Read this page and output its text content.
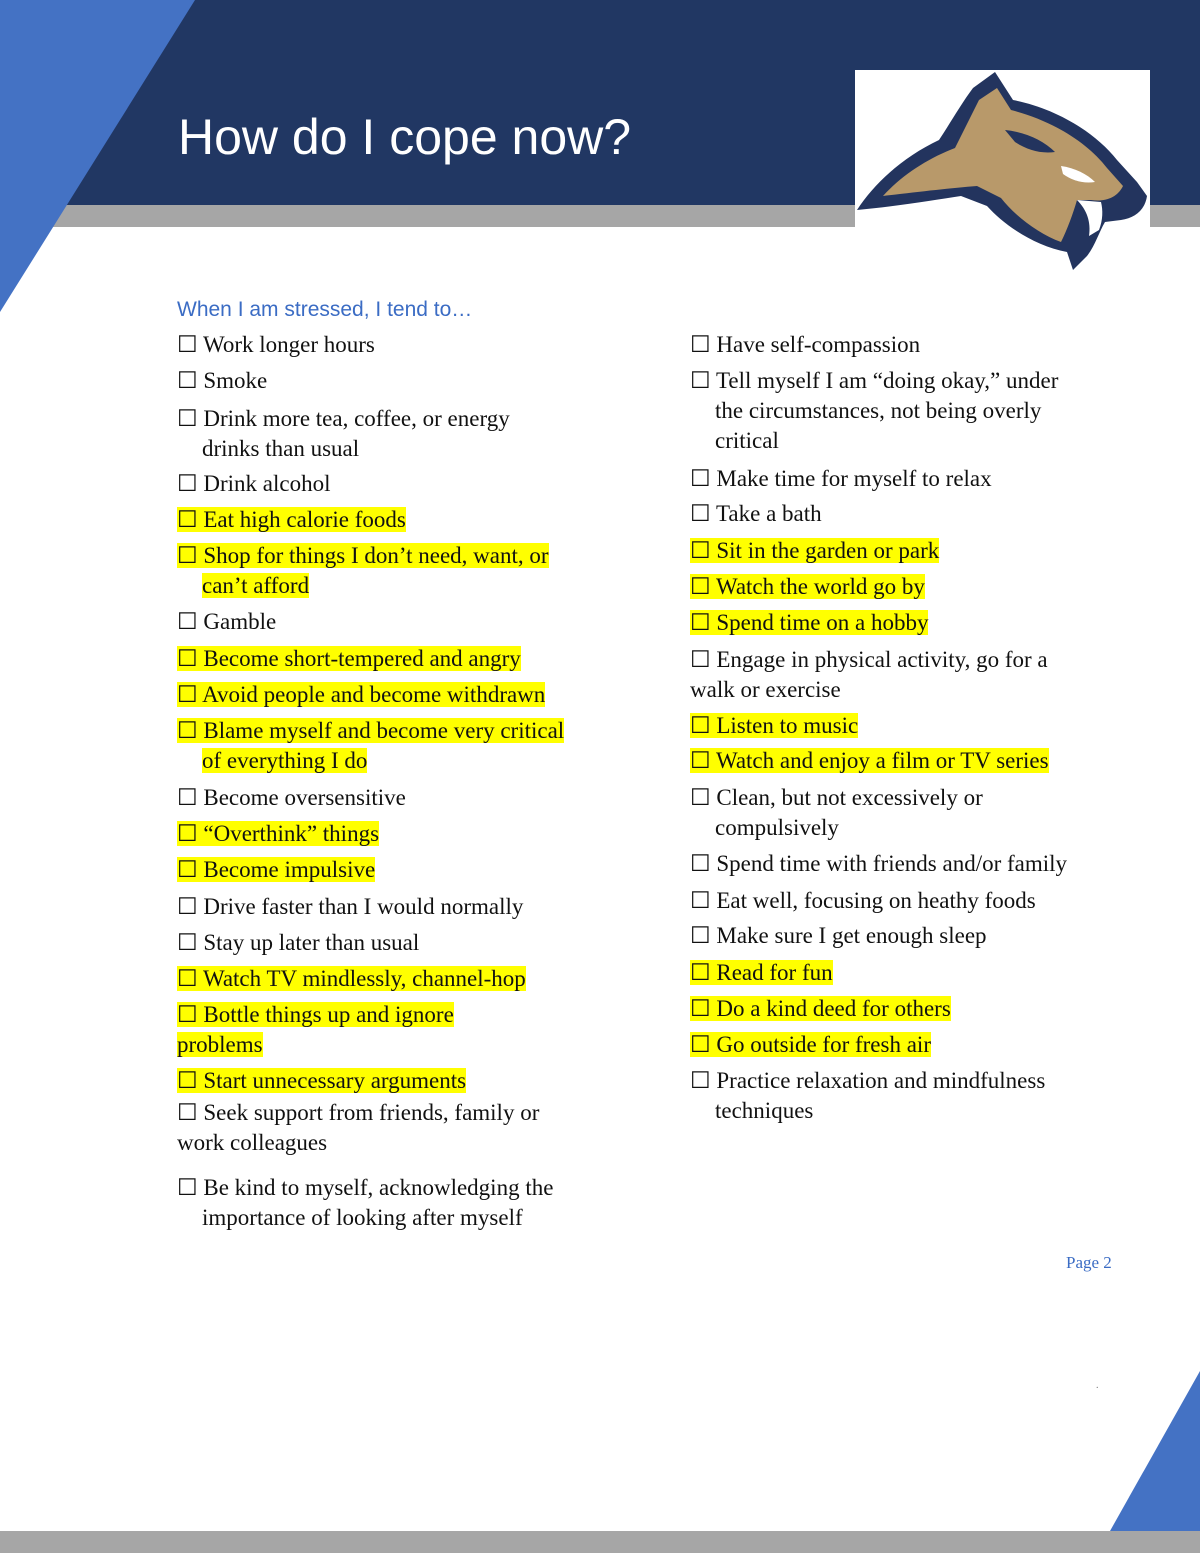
How do I cope now?
When I am stressed, I tend to…
☐ Work longer hours
☐ Smoke
☐ Drink more tea, coffee, or energy
drinks than usual
☐ Drink alcohol
☐ Eat high calorie foods
☐ Shop for things I don’t need, want, or
can’t afford
☐ Gamble
☐ Become short-tempered and angry
☐ Avoid people and become withdrawn
☐ Blame myself and become very critical
of everything I do
☐ Become oversensitive
☐ “Overthink” things
☐ Become impulsive
☐ Drive faster than I would normally
☐ Stay up later than usual
☐ Watch TV mindlessly, channel-hop
☐ Bottle things up and ignore
problems
☐ Start unnecessary arguments
☐ Seek support from friends, family or
work colleagues
☐ Be kind to myself, acknowledging the
importance of looking after myself
☐ Have self-compassion
☐ Tell myself I am “doing okay,” under
the circumstances, not being overly
critical
☐ Make time for myself to relax
☐ Take a bath
☐ Sit in the garden or park
☐ Watch the world go by
☐ Spend time on a hobby
☐ Engage in physical activity, go for a
walk or exercise
☐ Listen to music
☐ Watch and enjoy a film or TV series
☐ Clean, but not excessively or
compulsively
☐ Spend time with friends and/or family
☐ Eat well, focusing on heathy foods
☐ Make sure I get enough sleep
☐ Read for fun
☐ Do a kind deed for others
☐ Go outside for fresh air
☐ Practice relaxation and mindfulness
techniques
Page 2
.
